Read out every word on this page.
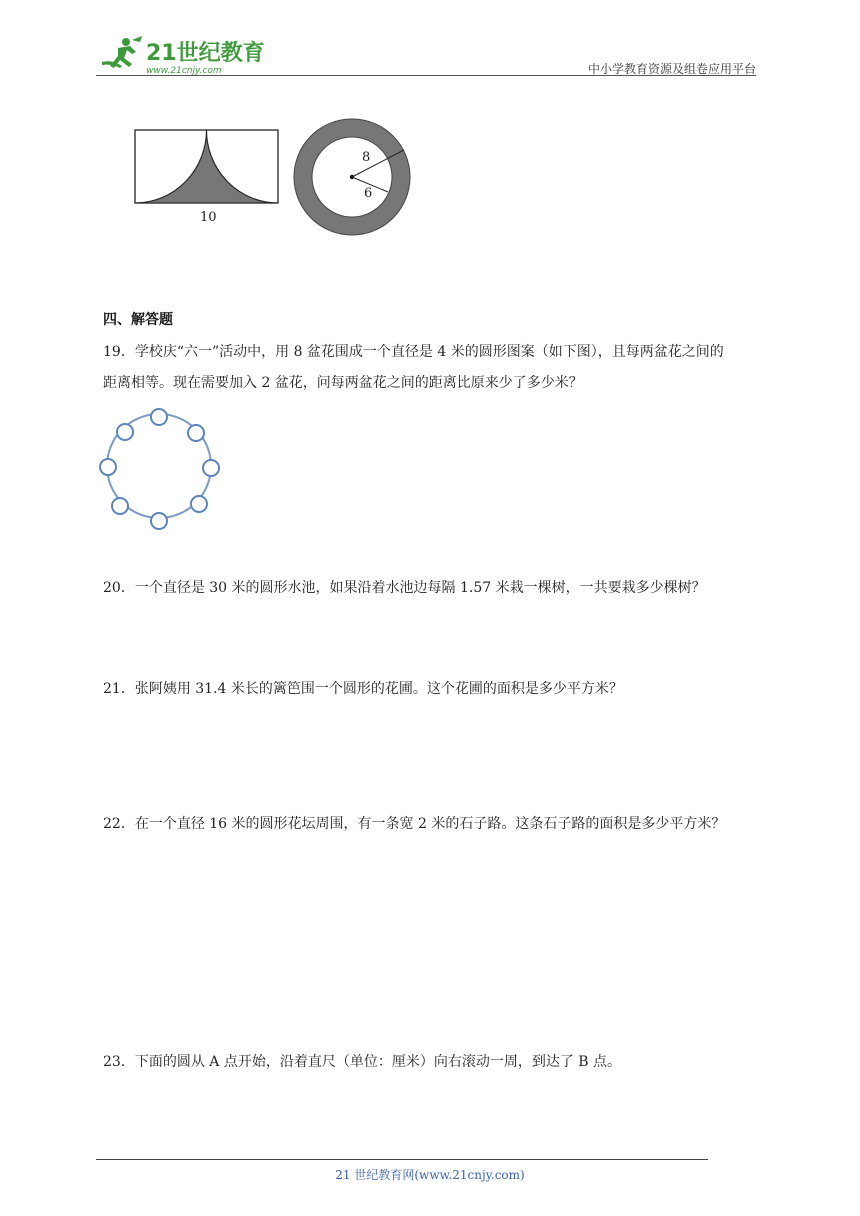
21世纪教育
www.21cnjy.com	中小学教育资源及组卷应用平台
10
8
6
四、解答题
19．学校庆“六一”活动中，用 8 盆花围成一个直径是 4 米的圆形图案（如下图），且每两盆花之间的
距离相等。现在需要加入 2 盆花，问每两盆花之间的距离比原来少了多少米？
20．一个直径是 30 米的圆形水池，如果沿着水池边每隔 1.57 米栽一棵树，一共要栽多少棵树？
21．张阿姨用 31.4 米长的篱笆围一个圆形的花圃。这个花圃的面积是多少平方米？
22．在一个直径 16 米的圆形花坛周围，有一条宽 2 米的石子路。这条石子路的面积是多少平方米？
23．下面的圆从 A 点开始，沿着直尺（单位：厘米）向右滚动一周，到达了 B 点。
21 世纪教育网(www.21cnjy.com)
